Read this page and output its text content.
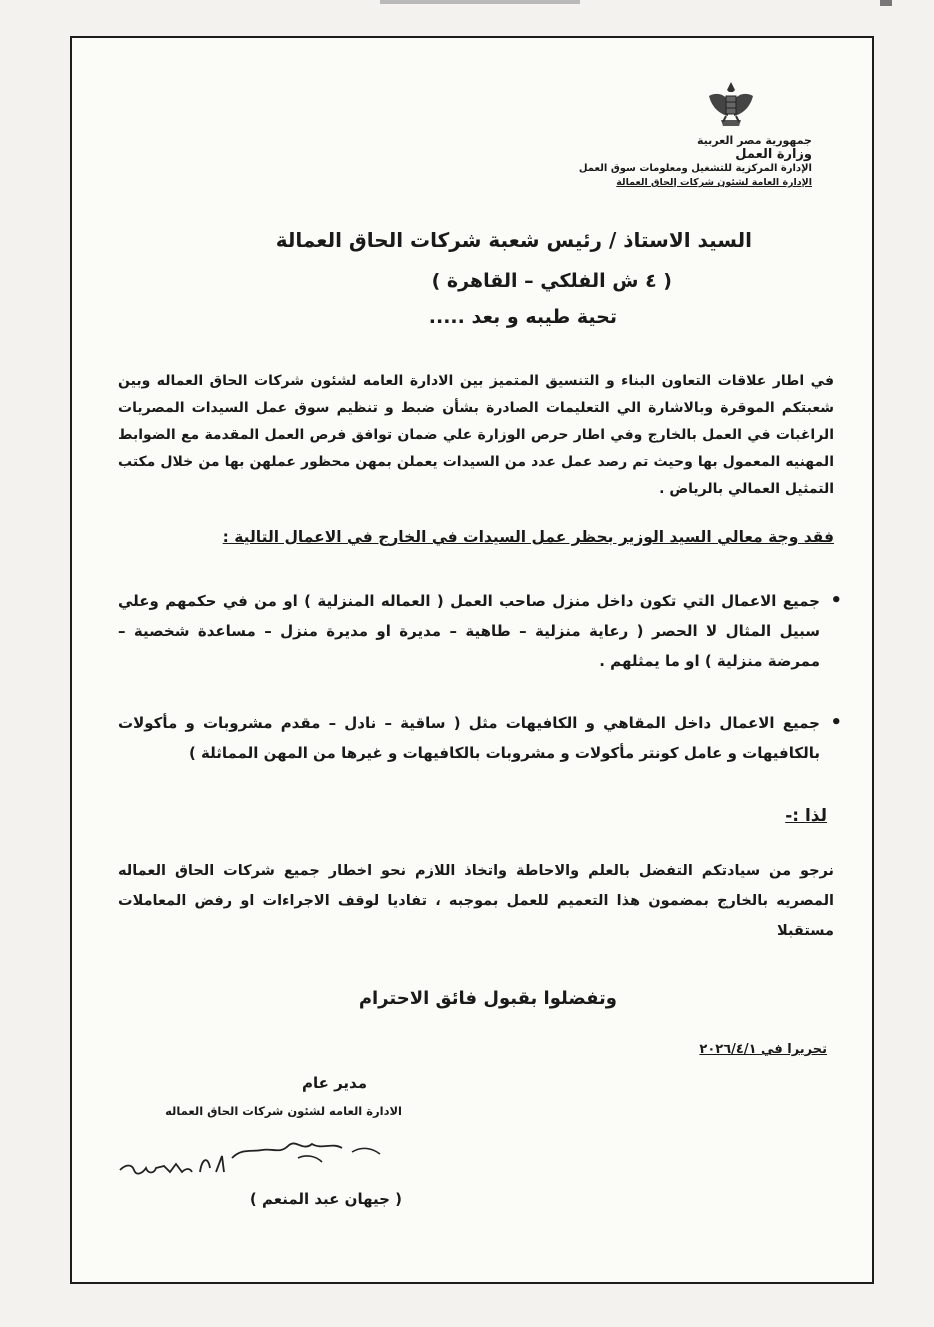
جمهورية مصر العربية
وزارة العمل
الإدارة المركزية للتشغيل ومعلومات سوق العمل
الإدارة العامة لشئون شركات إلحاق العمالة
السيد الاستاذ / رئيس شعبة شركات الحاق العمالة
( ٤ ش الفلكي – القاهرة )
تحية طيبه و بعد .....
في اطار علاقات التعاون البناء و التنسيق المتميز بين الادارة العامه لشئون شركات الحاق العماله وبين شعبتكم الموقرة وبالاشارة الي التعليمات الصادرة بشأن ضبط و تنظيم سوق عمل السيدات المصريات الراغبات في العمل بالخارج وفي اطار حرص الوزارة علي ضمان توافق فرص العمل المقدمة مع الضوابط المهنيه المعمول بها وحيث تم رصد عمل عدد من السيدات يعملن بمهن محظور عملهن بها من خلال مكتب التمثيل العمالي بالرياض .
فقد وجة معالي السيد الوزير بحظر عمل السيدات في الخارج في الاعمال التالية :
• جميع الاعمال التي تكون داخل منزل صاحب العمل ( العماله المنزلية ) او من في حكمهم وعلي سبيل المثال لا الحصر ( رعاية منزلية – طاهية – مديرة او مديرة منزل – مساعدة شخصية – ممرضة منزلية ) او ما يمثلهم .
• جميع الاعمال داخل المقاهي و الكافيهات مثل ( ساقية – نادل – مقدم مشروبات و مأكولات بالكافيهات و عامل كونتر مأكولات و مشروبات بالكافيهات و غيرها من المهن المماثلة )
لذا :-
نرجو من سيادتكم التفضل بالعلم والاحاطة واتخاذ اللازم نحو اخطار جميع شركات الحاق العماله المصريه بالخارج بمضمون هذا التعميم للعمل بموجبه ، تفاديا لوقف الاجراءات او رفض المعاملات مستقبلا
وتفضلوا بقبول فائق الاحترام
تحريرا في ٢٠٢٦/٤/١
مدير عام
الادارة العامه لشئون شركات الحاق العماله
( جيهان عبد المنعم )
